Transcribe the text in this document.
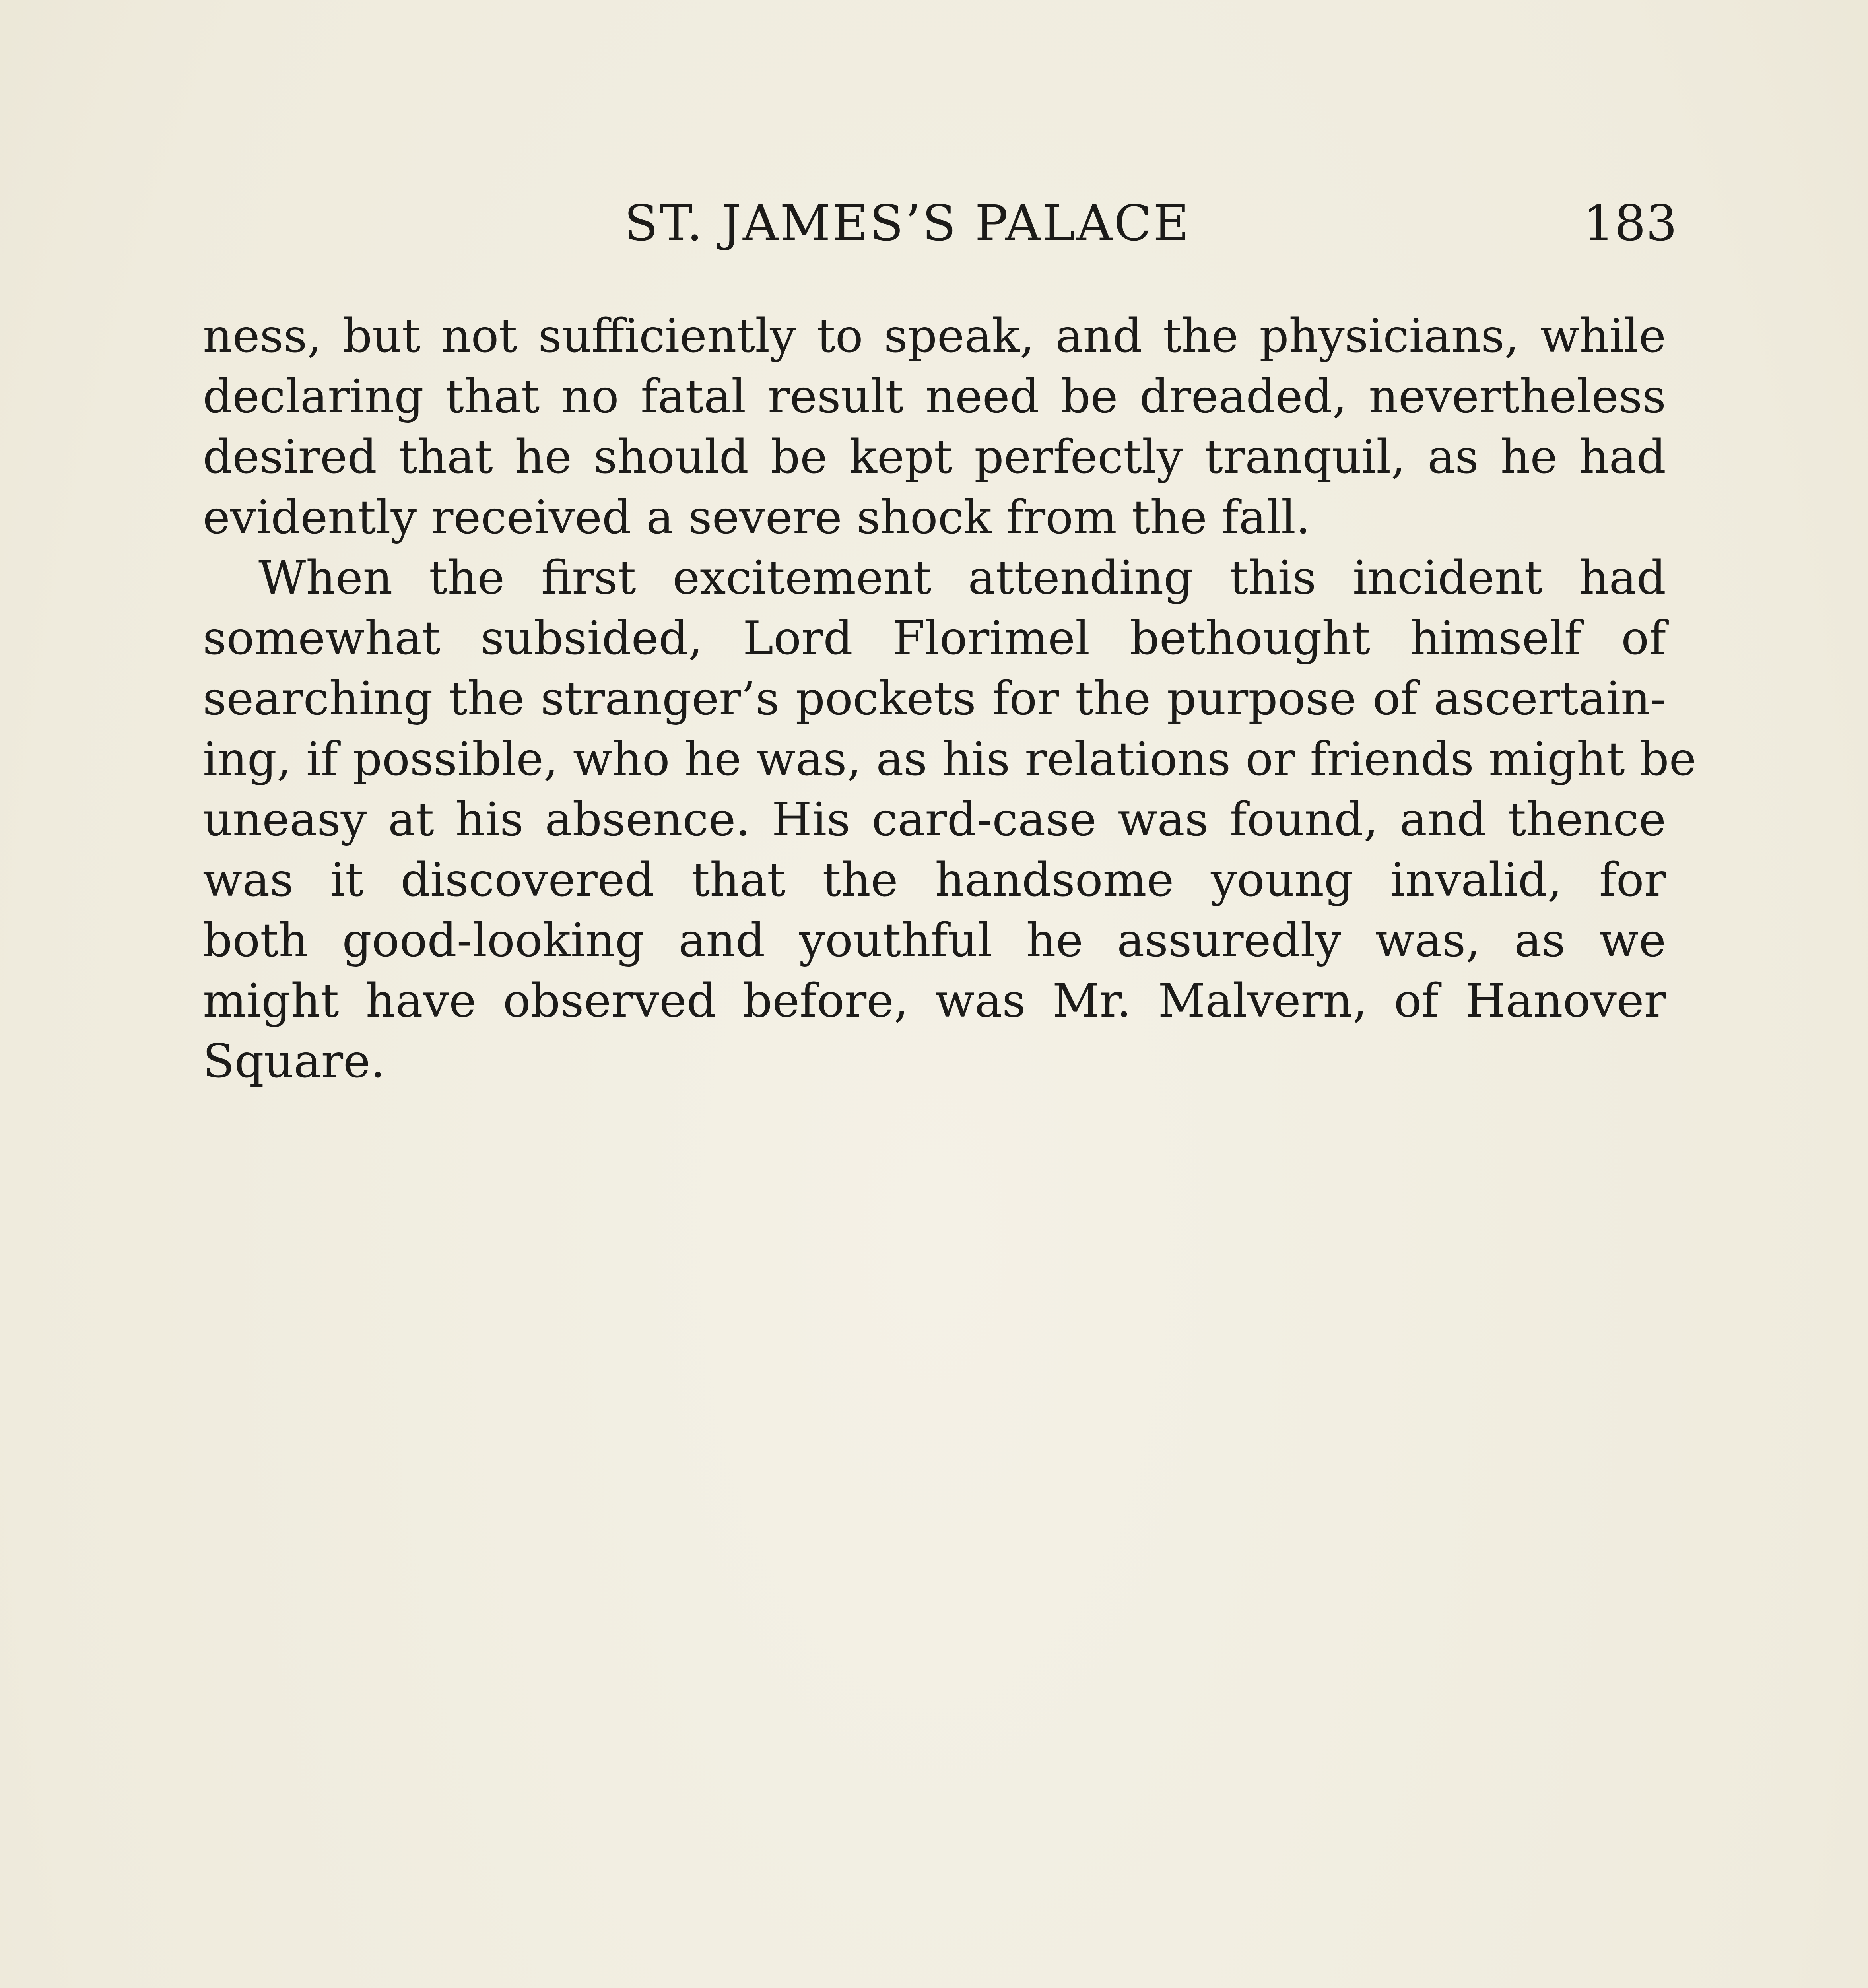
ST. JAMES’S PALACE	183
ness, but not sufficiently to speak, and the physicians, while
declaring that no fatal result need be dreaded, nevertheless
desired that he should be kept perfectly tranquil, as he had
evidently received a severe shock from the fall.
When the first excitement attending this incident had
somewhat subsided, Lord Florimel bethought himself of
searching the stranger’s pockets for the purpose of ascertain-
ing, if possible, who he was, as his relations or friends might be
uneasy at his absence. His card-case was found, and thence
was it discovered that the handsome young invalid, for
both good-looking and youthful he assuredly was, as we
might have observed before, was Mr. Malvern, of Hanover
Square.
